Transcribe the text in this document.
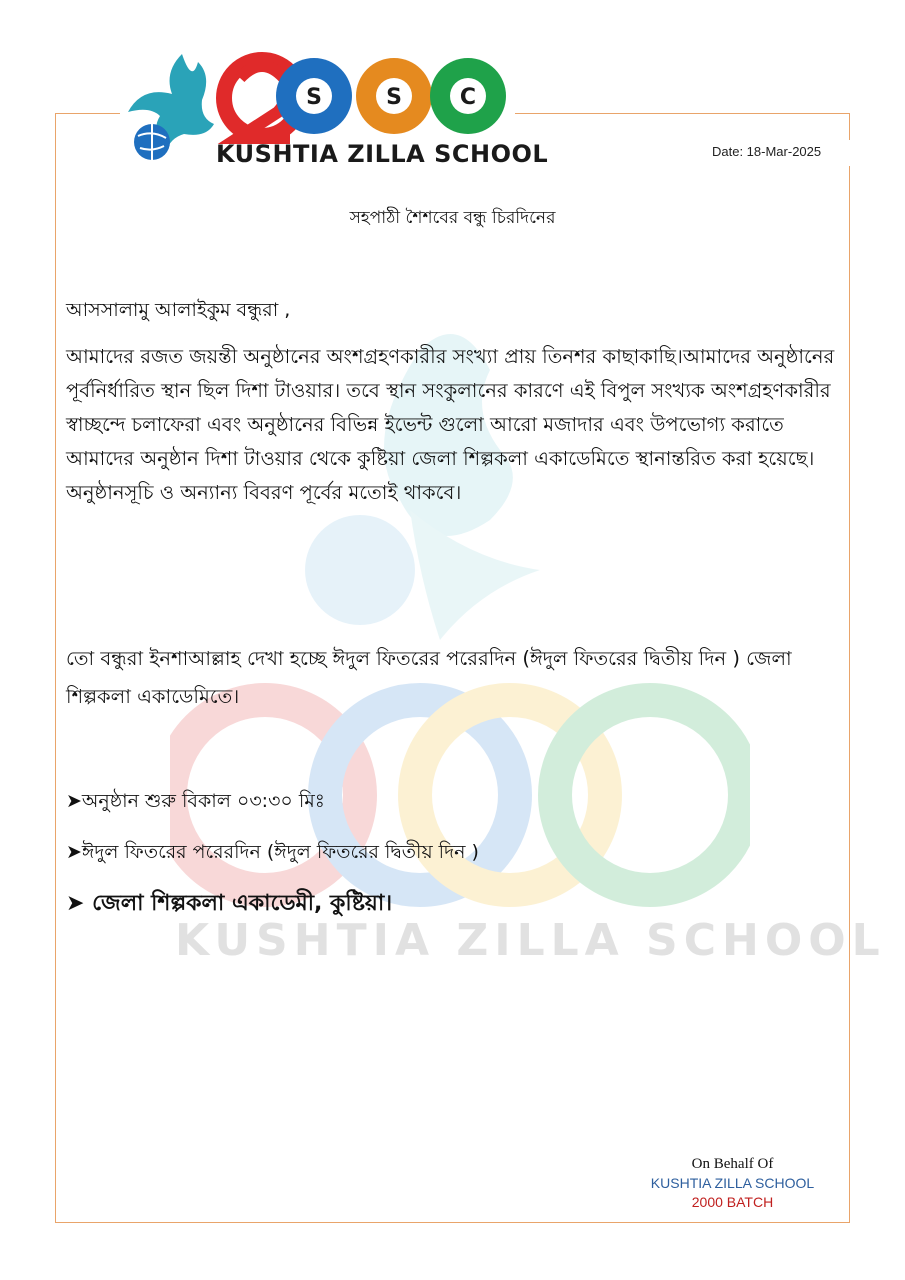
KUSHTIA ZILLA SCHOOL
S	S	C
KUSHTIA ZILLA SCHOOL	Date: 18-Mar-2025
সহপাঠী শৈশবের বন্ধু চিরদিনের
আসসালামু আলাইকুম বন্ধুরা ,

আমাদের রজত জয়ন্তী অনুষ্ঠানের অংশগ্রহণকারীর সংখ্যা প্রায় তিনশর কাছাকাছি।আমাদের অনুষ্ঠানের পূর্বনির্ধারিত স্থান ছিল দিশা টাওয়ার। তবে স্থান সংকুলানের কারণে এই বিপুল সংখ্যক অংশগ্রহণকারীর স্বাচ্ছন্দে চলাফেরা এবং অনুষ্ঠানের বিভিন্ন ইভেন্ট গুলো আরো মজাদার এবং উপভোগ্য করাতে আমাদের অনুষ্ঠান দিশা টাওয়ার থেকে কুষ্টিয়া জেলা শিল্পকলা একাডেমিতে স্থানান্তরিত করা হয়েছে। অনুষ্ঠানসূচি ও অন্যান্য বিবরণ পূর্বের মতোই থাকবে।

তো বন্ধুরা ইনশাআল্লাহ দেখা হচ্ছে ঈদুল ফিতরের পরেরদিন (ঈদুল ফিতরের দ্বিতীয় দিন ) জেলা শিল্পকলা একাডেমিতে।

➤অনুষ্ঠান শুরু বিকাল ০৩:৩০ মিঃ
➤ঈদুল ফিতরের পরেরদিন (ঈদুল ফিতরের দ্বিতীয় দিন )
➤ জেলা শিল্পকলা একাডেমী, কুষ্টিয়া।
On Behalf Of
KUSHTIA ZILLA SCHOOL
2000 BATCH
